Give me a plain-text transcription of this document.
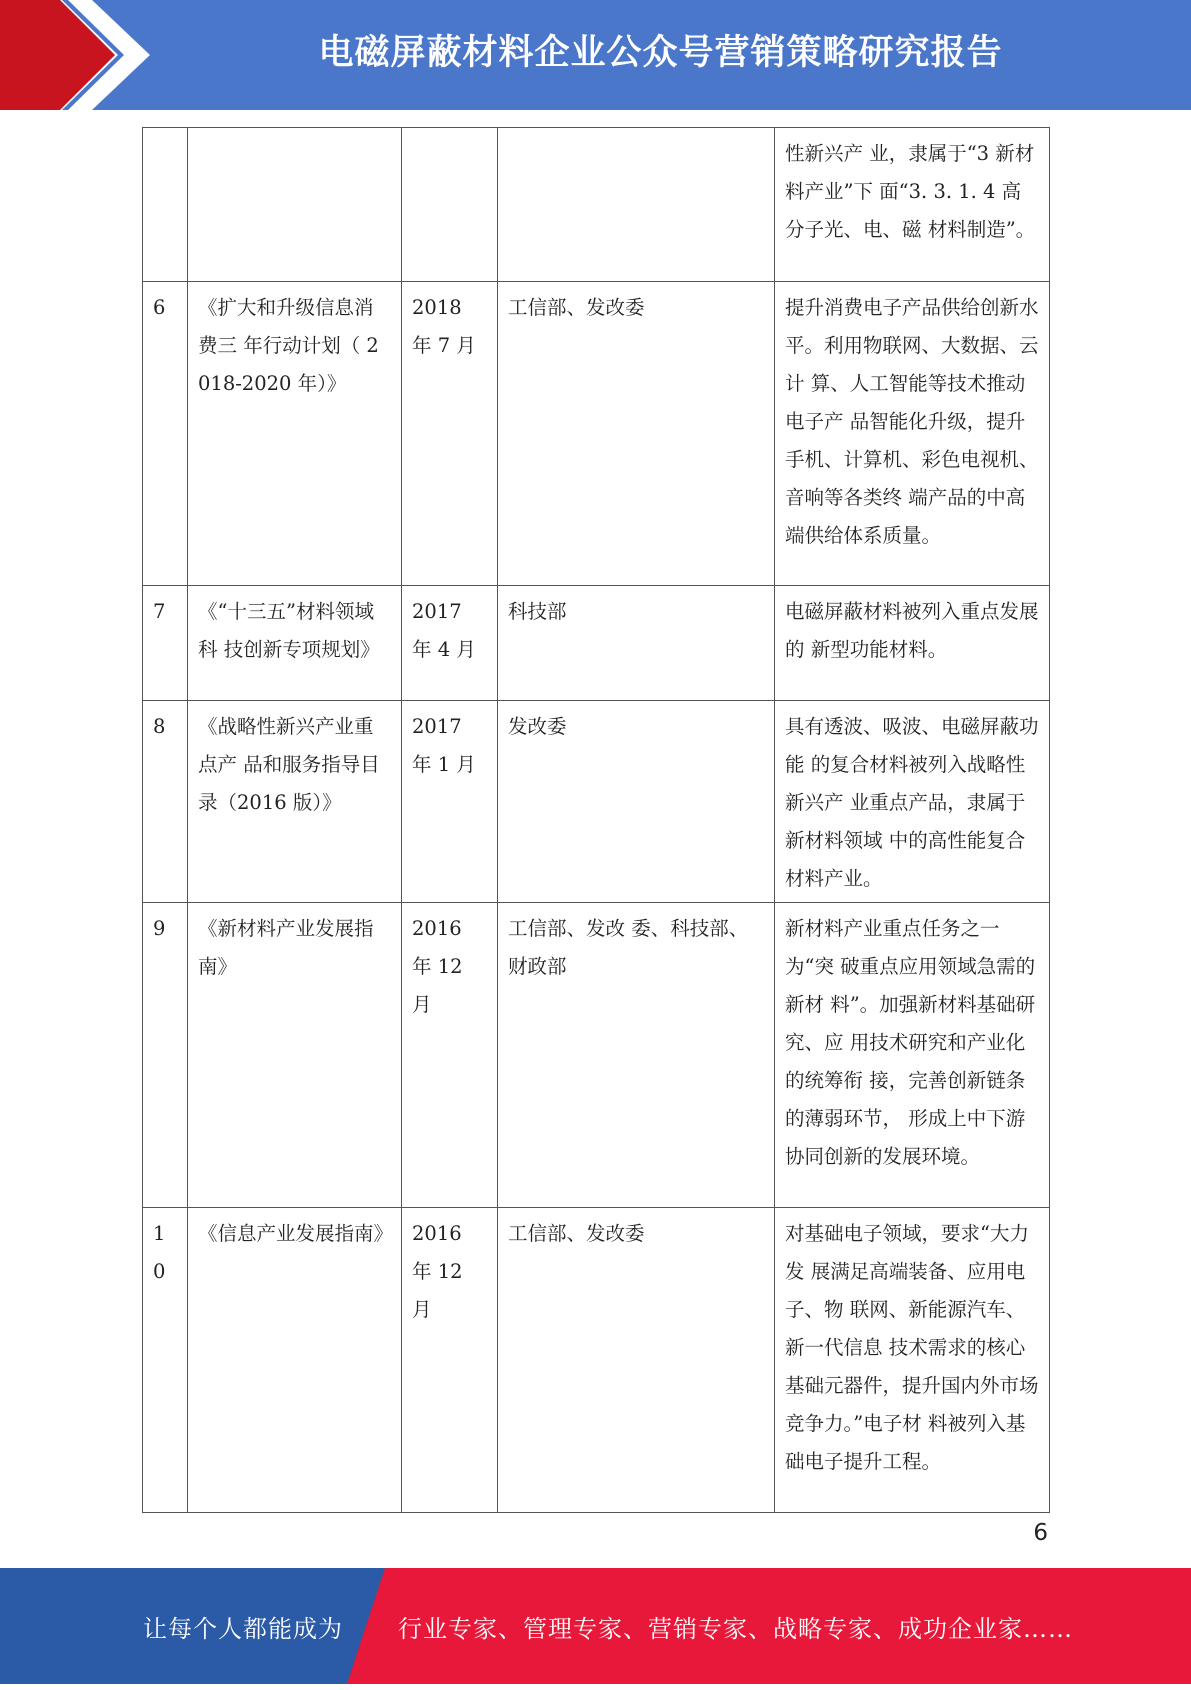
电磁屏蔽材料企业公众号营销策略研究报告
				性新兴产 业，隶属于“3 新材料产业”下 面“3. 3. 1. 4 高分子光、电、磁 材料制造”。
6	《扩大和升级信息消费三 年行动计划（ 2018-2020 年）》	2018 年 7 月	工信部、发改委	提升消费电子产品供给创新水 平。利用物联网、大数据、云计 算、人工智能等技术推动电子产 品智能化升级，提升手机、计算机、彩色电视机、音响等各类终 端产品的中高端供给体系质量。
7	《“十三五”材料领域科 技创新专项规划》	2017 年 4 月	科技部	电磁屏蔽材料被列入重点发展的 新型功能材料。
8	《战略性新兴产业重点产 品和服务指导目录（2016 版）》	2017 年 1 月	发改委	具有透波、吸波、电磁屏蔽功能 的复合材料被列入战略性新兴产 业重点产品，隶属于新材料领域 中的高性能复合材料产业。
9	《新材料产业发展指南》	2016 年 12 月	工信部、发改 委、科技部、 财政部	新材料产业重点任务之一为“突 破重点应用领域急需的新材 料”。加强新材料基础研究、应 用技术研究和产业化的统筹衔 接，完善创新链条的薄弱环节， 形成上中下游协同创新的发展环境。
10	《信息产业发展指南》	2016 年 12 月	工信部、发改委	对基础电子领域，要求“大力发 展满足高端装备、应用电子、物 联网、新能源汽车、新一代信息 技术需求的核心基础元器件，提升国内外市场竞争力。”电子材 料被列入基础电子提升工程。
6
让每个人都能成为 行业专家、管理专家、营销专家、战略专家、成功企业家……
